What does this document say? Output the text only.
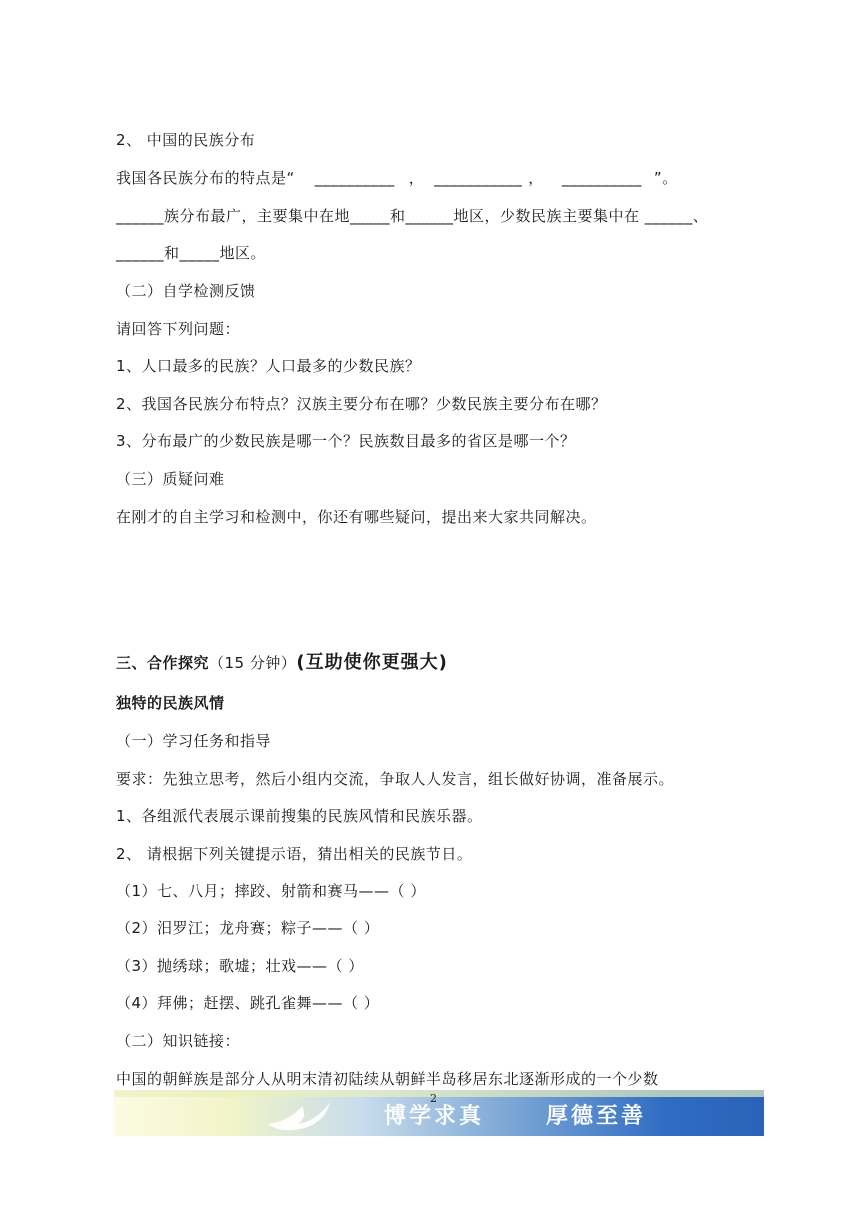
2、 中国的民族分布
我国各民族分布的特点是“ __________ ， ___________ ， __________ ”。
______族分布最广，主要集中在地_____和______地区，少数民族主要集中在 ______、
______和_____地区。
（二）自学检测反馈
请回答下列问题：
1、人口最多的民族？人口最多的少数民族？
2、我国各民族分布特点？汉族主要分布在哪？少数民族主要分布在哪？
3、分布最广的少数民族是哪一个？民族数目最多的省区是哪一个？
（三）质疑问难
在刚才的自主学习和检测中，你还有哪些疑问，提出来大家共同解决。
三、合作探究（15 分钟）(互助使你更强大)
独特的民族风情
（一）学习任务和指导
要求：先独立思考，然后小组内交流，争取人人发言，组长做好协调，准备展示。
1、各组派代表展示课前搜集的民族风情和民族乐器。
2、 请根据下列关键提示语，猜出相关的民族节日。
（1）七、八月；摔跤、射箭和赛马——（ ）
（2）汨罗江；龙舟赛；粽子——（ ）
（3）抛绣球；歌墟；壮戏——（ ）
（4）拜佛；赶摆、跳孔雀舞——（ ）
（二）知识链接：
中国的朝鲜族是部分人从明末清初陆续从朝鲜半岛移居东北逐渐形成的一个少数
博学求真	厚德至善
2
